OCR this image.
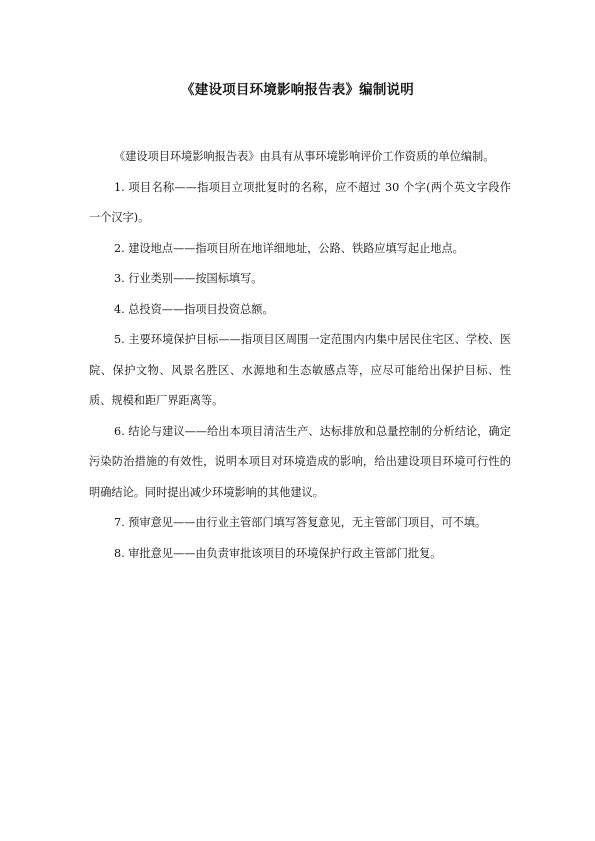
《建设项目环境影响报告表》编制说明

《建设项目环境影响报告表》由具有从事环境影响评价工作资质的单位编制。

1. 项目名称——指项目立项批复时的名称，应不超过 30 个字(两个英文字段作一个汉字)。

2. 建设地点——指项目所在地详细地址，公路、铁路应填写起止地点。

3. 行业类别——按国标填写。

4. 总投资——指项目投资总额。

5. 主要环境保护目标——指项目区周围一定范围内内集中居民住宅区、学校、医院、保护文物、风景名胜区、水源地和生态敏感点等，应尽可能给出保护目标、性质、规模和距厂界距离等。

6. 结论与建议——给出本项目清洁生产、达标排放和总量控制的分析结论，确定污染防治措施的有效性，说明本项目对环境造成的影响，给出建设项目环境可行性的明确结论。同时提出减少环境影响的其他建议。

7. 预审意见——由行业主管部门填写答复意见，无主管部门项目，可不填。

8. 审批意见——由负责审批该项目的环境保护行政主管部门批复。
